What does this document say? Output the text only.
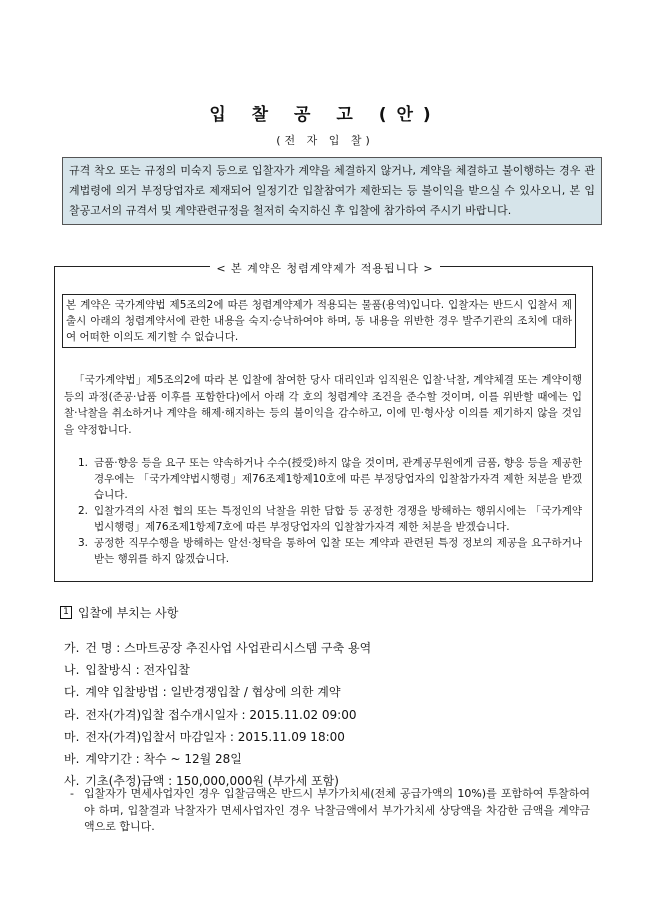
입 찰 공 고 (안)
(전 자 입 찰)
규격 착오 또는 규정의 미숙지 등으로 입찰자가 계약을 체결하지 않거나, 계약을 체결하고 불이행하는 경우 관계법령에 의거 부정당업자로 제재되어 일정기간 입찰참여가 제한되는 등 불이익을 받으실 수 있사오니, 본 입찰공고서의 규격서 및 계약관련규정을 철저히 숙지하신 후 입찰에 참가하여 주시기 바랍니다.
< 본 계약은 청렴계약제가 적용됩니다 >
본 계약은 국가계약법 제5조의2에 따른 청렴계약제가 적용되는 물품(용역)입니다. 입찰자는 반드시 입찰서 제출시 아래의 청렴계약서에 관한 내용을 숙지·승낙하여야 하며, 동 내용을 위반한 경우 발주기관의 조치에 대하여 어떠한 이의도 제기할 수 없습니다.
「국가계약법」제5조의2에 따라 본 입찰에 참여한 당사 대리인과 임직원은 입찰·낙찰, 계약체결 또는 계약이행 등의 과정(준공·납품 이후를 포함한다)에서 아래 각 호의 청렴계약 조건을 준수할 것이며, 이를 위반할 때에는 입찰·낙찰을 취소하거나 계약을 해제·해지하는 등의 불이익을 감수하고, 이에 민·형사상 이의를 제기하지 않을 것임을 약정합니다.
1. 금품·향응 등을 요구 또는 약속하거나 수수(授受)하지 않을 것이며, 관계공무원에게 금품, 향응 등을 제공한 경우에는 「국가계약법시행령」제76조제1항제10호에 따른 부정당업자의 입찰참가자격 제한 처분을 받겠습니다.
2. 입찰가격의 사전 협의 또는 특정인의 낙찰을 위한 담합 등 공정한 경쟁을 방해하는 행위시에는 「국가계약법시행령」제76조제1항제7호에 따른 부정당업자의 입찰참가자격 제한 처분을 받겠습니다.
3. 공정한 직무수행을 방해하는 알선·청탁을 통하여 입찰 또는 계약과 관련된 특정 정보의 제공을 요구하거나 받는 행위를 하지 않겠습니다.
1 입찰에 부치는 사항
가. 건 명 : 스마트공장 추진사업 사업관리시스템 구축 용역
나. 입찰방식 : 전자입찰
다. 계약 입찰방법 : 일반경쟁입찰 / 협상에 의한 계약
라. 전자(가격)입찰 접수개시일자 : 2015.11.02 09:00
마. 전자(가격)입찰서 마감일자 : 2015.11.09 18:00
바. 계약기간 : 착수 ~ 12월 28일
사. 기초(추정)금액 : 150,000,000원 (부가세 포함)
- 입찰자가 면세사업자인 경우 입찰금액은 반드시 부가가치세(전체 공급가액의 10%)를 포함하여 투찰하여야 하며, 입찰결과 낙찰자가 면세사업자인 경우 낙찰금액에서 부가가치세 상당액을 차감한 금액을 계약금액으로 합니다.
